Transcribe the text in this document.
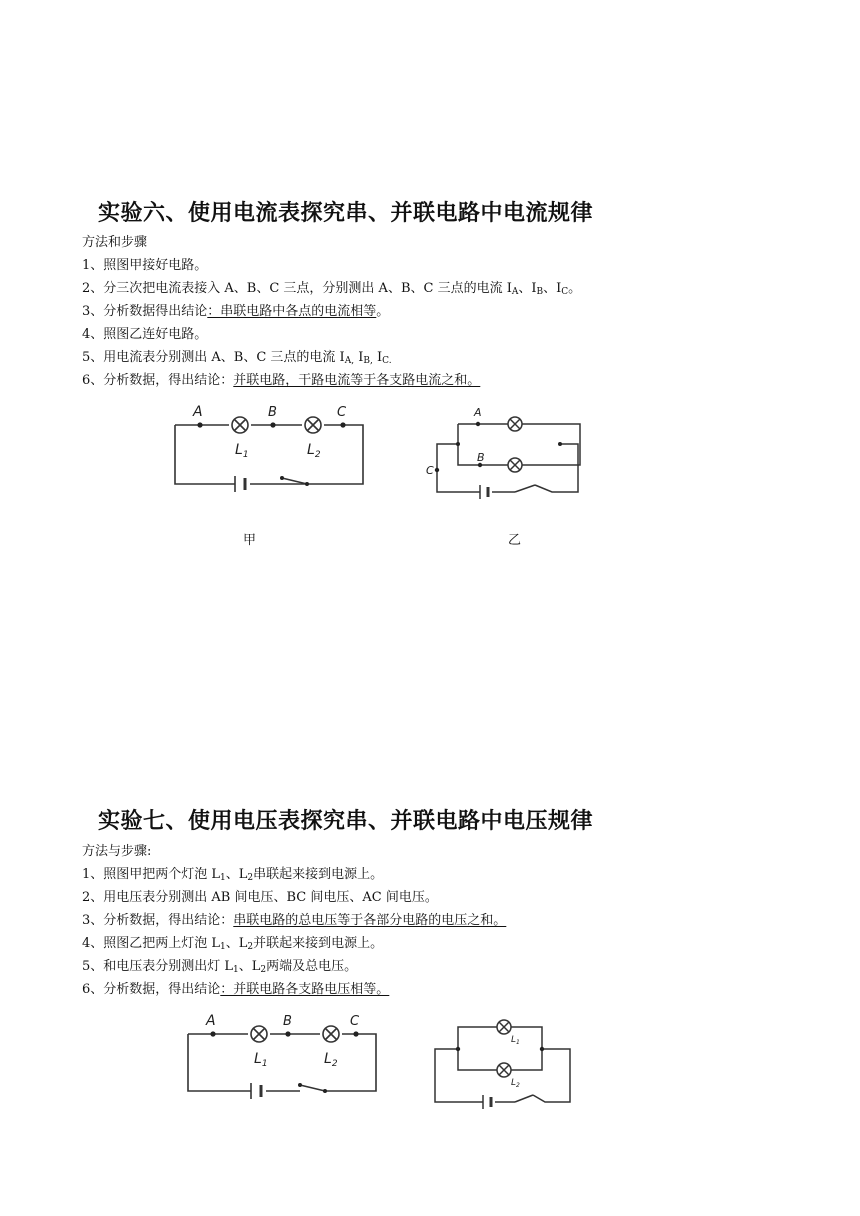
实验六、使用电流表探究串、并联电路中电流规律
方法和步骤
1、照图甲接好电路。
2、分三次把电流表接入 A、B、C 三点，分别测出 A、B、C 三点的电流 $I_A$、$I_B$、$I_C$。
3、分析数据得出结论：串联电路中各点的电流相等。
4、照图乙连好电路。
5、用电流表分别测出 A、B、C 三点的电流 $I_{A,}$ $I_{B,}$ $I_{C.}$
6、分析数据，得出结论：并联电路，干路电流等于各支路电流之和。
A	B	C
$L_1$	$L_2$
A
B
C
甲	乙
实验七、使用电压表探究串、并联电路中电压规律
方法与步骤:
1、照图甲把两个灯泡 $L_1$、$L_2$串联起来接到电源上。
2、用电压表分别测出 AB 间电压、BC 间电压、AC 间电压。
3、分析数据，得出结论：串联电路的总电压等于各部分电路的电压之和。
4、照图乙把两上灯泡 $L_1$、$L_2$并联起来接到电源上。
5、和电压表分别测出灯 $L_1$、$L_2$两端及总电压。
6、分析数据，得出结论：并联电路各支路电压相等。
A	B	C
$L_1$	$L_2$
$L_1$
$L_2$
